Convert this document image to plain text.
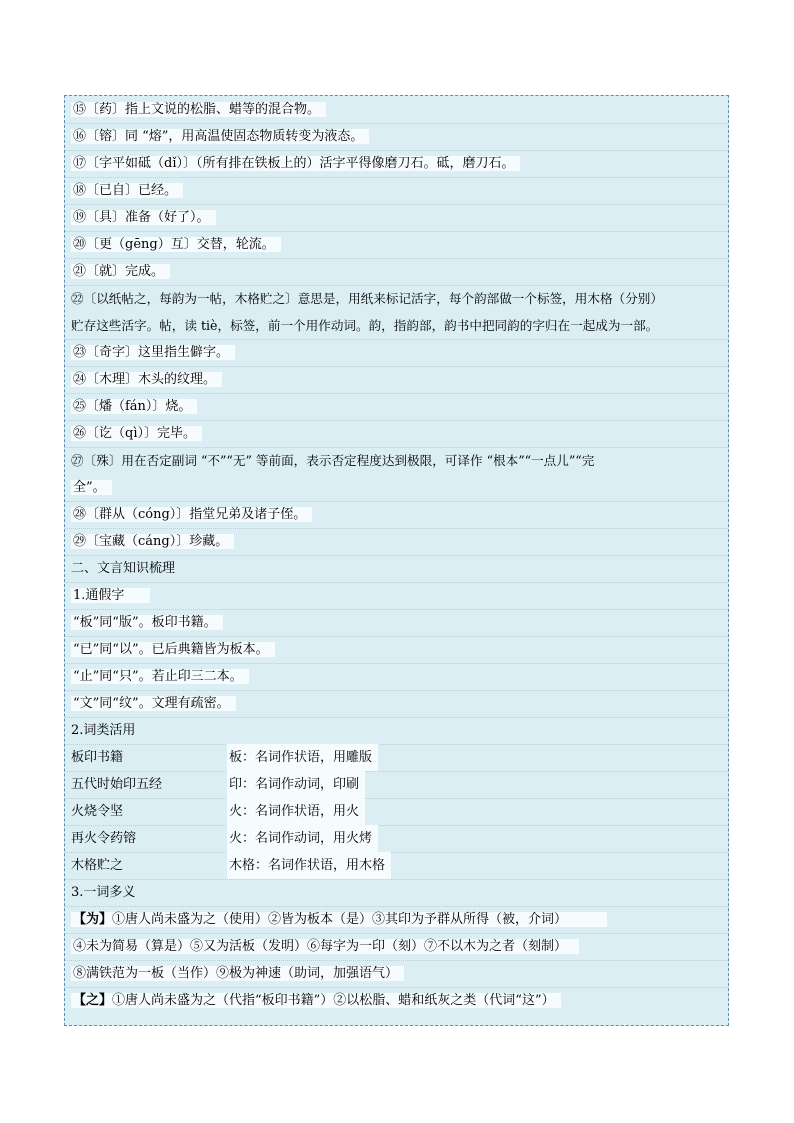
⑮〔药〕指上文说的松脂、蜡等的混合物。
⑯〔镕〕同 “熔”，用高温使固态物质转变为液态。
⑰〔字平如砥（dǐ）〕（所有排在铁板上的）活字平得像磨刀石。砥，磨刀石。
⑱〔已自〕已经。
⑲〔具〕准备（好了）。
⑳〔更（gēng）互〕交替，轮流。
㉑〔就〕完成。
㉒〔以纸帖之，每韵为一帖，木格贮之〕意思是，用纸来标记活字，每个韵部做一个标签，用木格（分别）
贮存这些活字。帖，读 tiè，标签，前一个用作动词。韵，指韵部，韵书中把同韵的字归在一起成为一部。
㉓〔奇字〕这里指生僻字。
㉔〔木理〕木头的纹理。
㉕〔燔（fán）〕烧。
㉖〔讫（qì）〕完毕。
㉗〔殊〕用在否定副词 “不”“无” 等前面，表示否定程度达到极限，可译作 “根本”“一点儿”“完
全”。
㉘〔群从（cóng）〕指堂兄弟及诸子侄。
㉙〔宝藏（cáng）〕珍藏。
二、文言知识梳理
1.通假字
“板”同“版”。板印书籍。
“已”同“以”。已后典籍皆为板本。
“止”同“只”。若止印三二本。
“文”同“纹”。文理有疏密。
2.词类活用
板印书籍	板：名词作状语，用雕版
五代时始印五经	印：名词作动词，印刷
火烧令坚	火：名词作状语，用火
再火令药镕	火：名词作动词，用火烤
木格贮之	木格：名词作状语，用木格
3.一词多义
【为】①唐人尚未盛为之（使用）②皆为板本（是）③其印为予群从所得（被，介词）
④未为简易（算是）⑤又为活板（发明）⑥每字为一印（刻）⑦不以木为之者（刻制）
⑧满铁范为一板（当作）⑨极为神速（助词，加强语气）
【之】①唐人尚未盛为之（代指“板印书籍”）②以松脂、蜡和纸灰之类（代词“这”）
